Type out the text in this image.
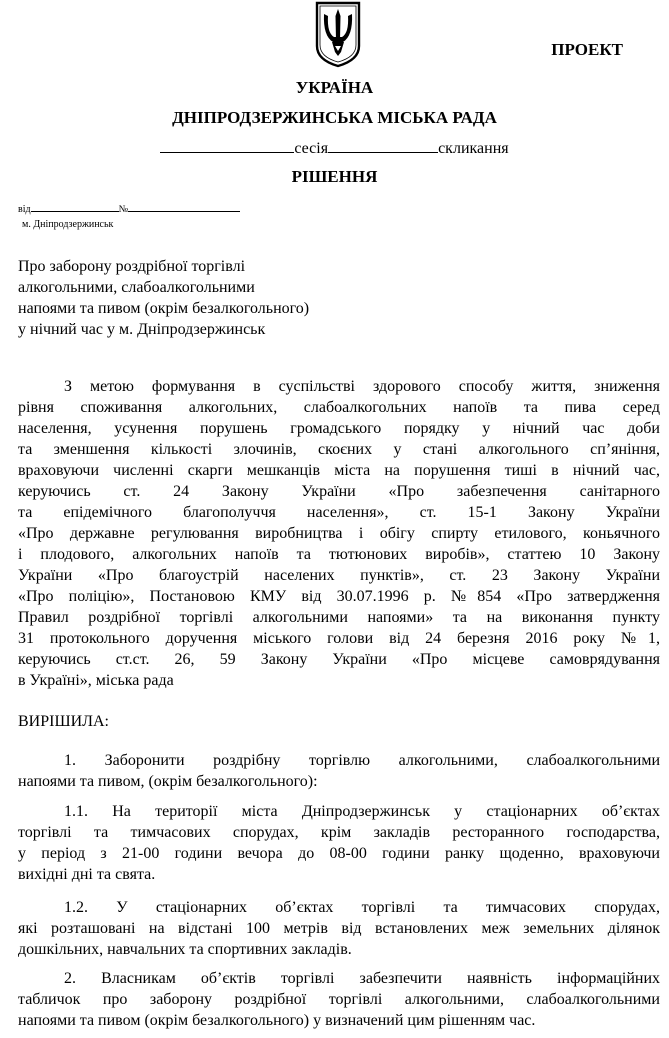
ПРОЕКТ
УКРАЇНА
ДНІПРОДЗЕРЖИНСЬКА МІСЬКА РАДА
сесія	скликання
РІШЕННЯ
від	№
м. Дніпродзержинськ
Про заборону роздрібної торгівлі
алкогольними, слабоалкогольними
напоями та пивом (окрім безалкогольного)
у нічний час у м. Дніпродзержинськ
З метою формування в суспільстві здорового способу життя, зниження
рівня споживання алкогольних, слабоалкогольних напоїв та пива серед
населення, усунення порушень громадського порядку у нічний час доби
та зменшення кількості злочинів, скоєних у стані алкогольного сп’яніння,
враховуючи численні скарги мешканців міста на порушення тиші в нічний час,
керуючись ст. 24 Закону України «Про забезпечення санітарного
та епідемічного благополуччя населення», ст. 15-1 Закону України
«Про державне регулювання виробництва і обігу спирту етилового, коньячного
і плодового, алкогольних напоїв та тютюнових виробів», статтею 10 Закону
України «Про благоустрій населених пунктів», ст. 23 Закону України
«Про поліцію», Постановою КМУ від 30.07.1996 р. №854 «Про затвердження
Правил роздрібної торгівлі алкогольними напоями» та на виконання пункту
31 протокольного доручення міського голови від 24 березня 2016 року №1,
керуючись ст.ст. 26, 59 Закону України «Про місцеве самоврядування
в Україні», міська рада
ВИРІШИЛА:
1. Заборонити роздрібну торгівлю алкогольними, слабоалкогольними
напоями та пивом, (окрім безалкогольного):
1.1. На території міста Дніпродзержинськ у стаціонарних об’єктах
торгівлі та тимчасових спорудах, крім закладів ресторанного господарства,
у період з 21-00 години вечора до 08-00 години ранку щоденно, враховуючи
вихідні дні та свята.
1.2. У стаціонарних об’єктах торгівлі та тимчасових спорудах,
які розташовані на відстані 100 метрів від встановлених меж земельних ділянок
дошкільних, навчальних та спортивних закладів.
2. Власникам об’єктів торгівлі забезпечити наявність інформаційних
табличок про заборону роздрібної торгівлі алкогольними, слабоалкогольними
напоями та пивом (окрім безалкогольного) у визначений цим рішенням час.
